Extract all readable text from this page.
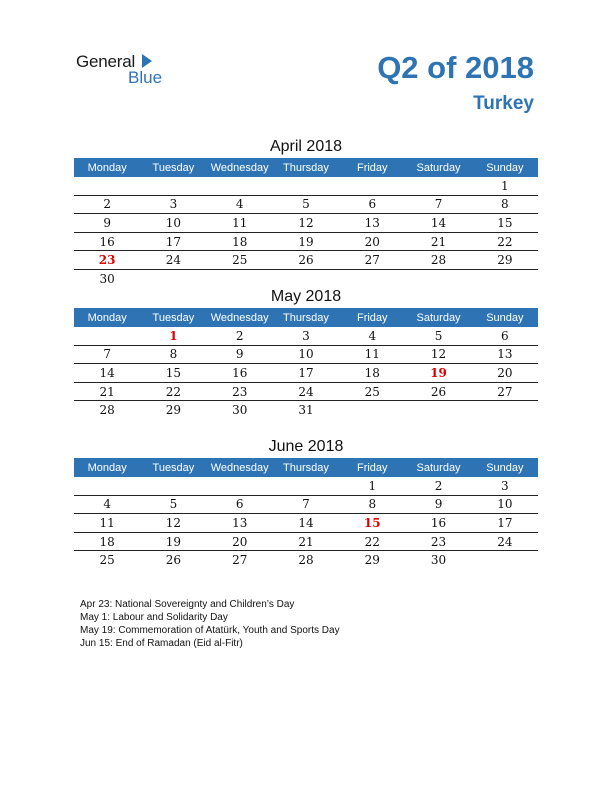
General
Blue	Q2 of 2018
Turkey
April 2018
Monday	Tuesday	Wednesday	Thursday	Friday	Saturday	Sunday
						1
2	3	4	5	6	7	8
9	10	11	12	13	14	15
16	17	18	19	20	21	22
23	24	25	26	27	28	29
30						
May 2018
Monday	Tuesday	Wednesday	Thursday	Friday	Saturday	Sunday
	1	2	3	4	5	6
7	8	9	10	11	12	13
14	15	16	17	18	19	20
21	22	23	24	25	26	27
28	29	30	31			
June 2018
Monday	Tuesday	Wednesday	Thursday	Friday	Saturday	Sunday
				1	2	3
4	5	6	7	8	9	10
11	12	13	14	15	16	17
18	19	20	21	22	23	24
25	26	27	28	29	30	
Apr 23: National Sovereignty and Children’s Day
May 1: Labour and Solidarity Day
May 19: Commemoration of Atatürk, Youth and Sports Day
Jun 15: End of Ramadan (Eid al-Fitr)
